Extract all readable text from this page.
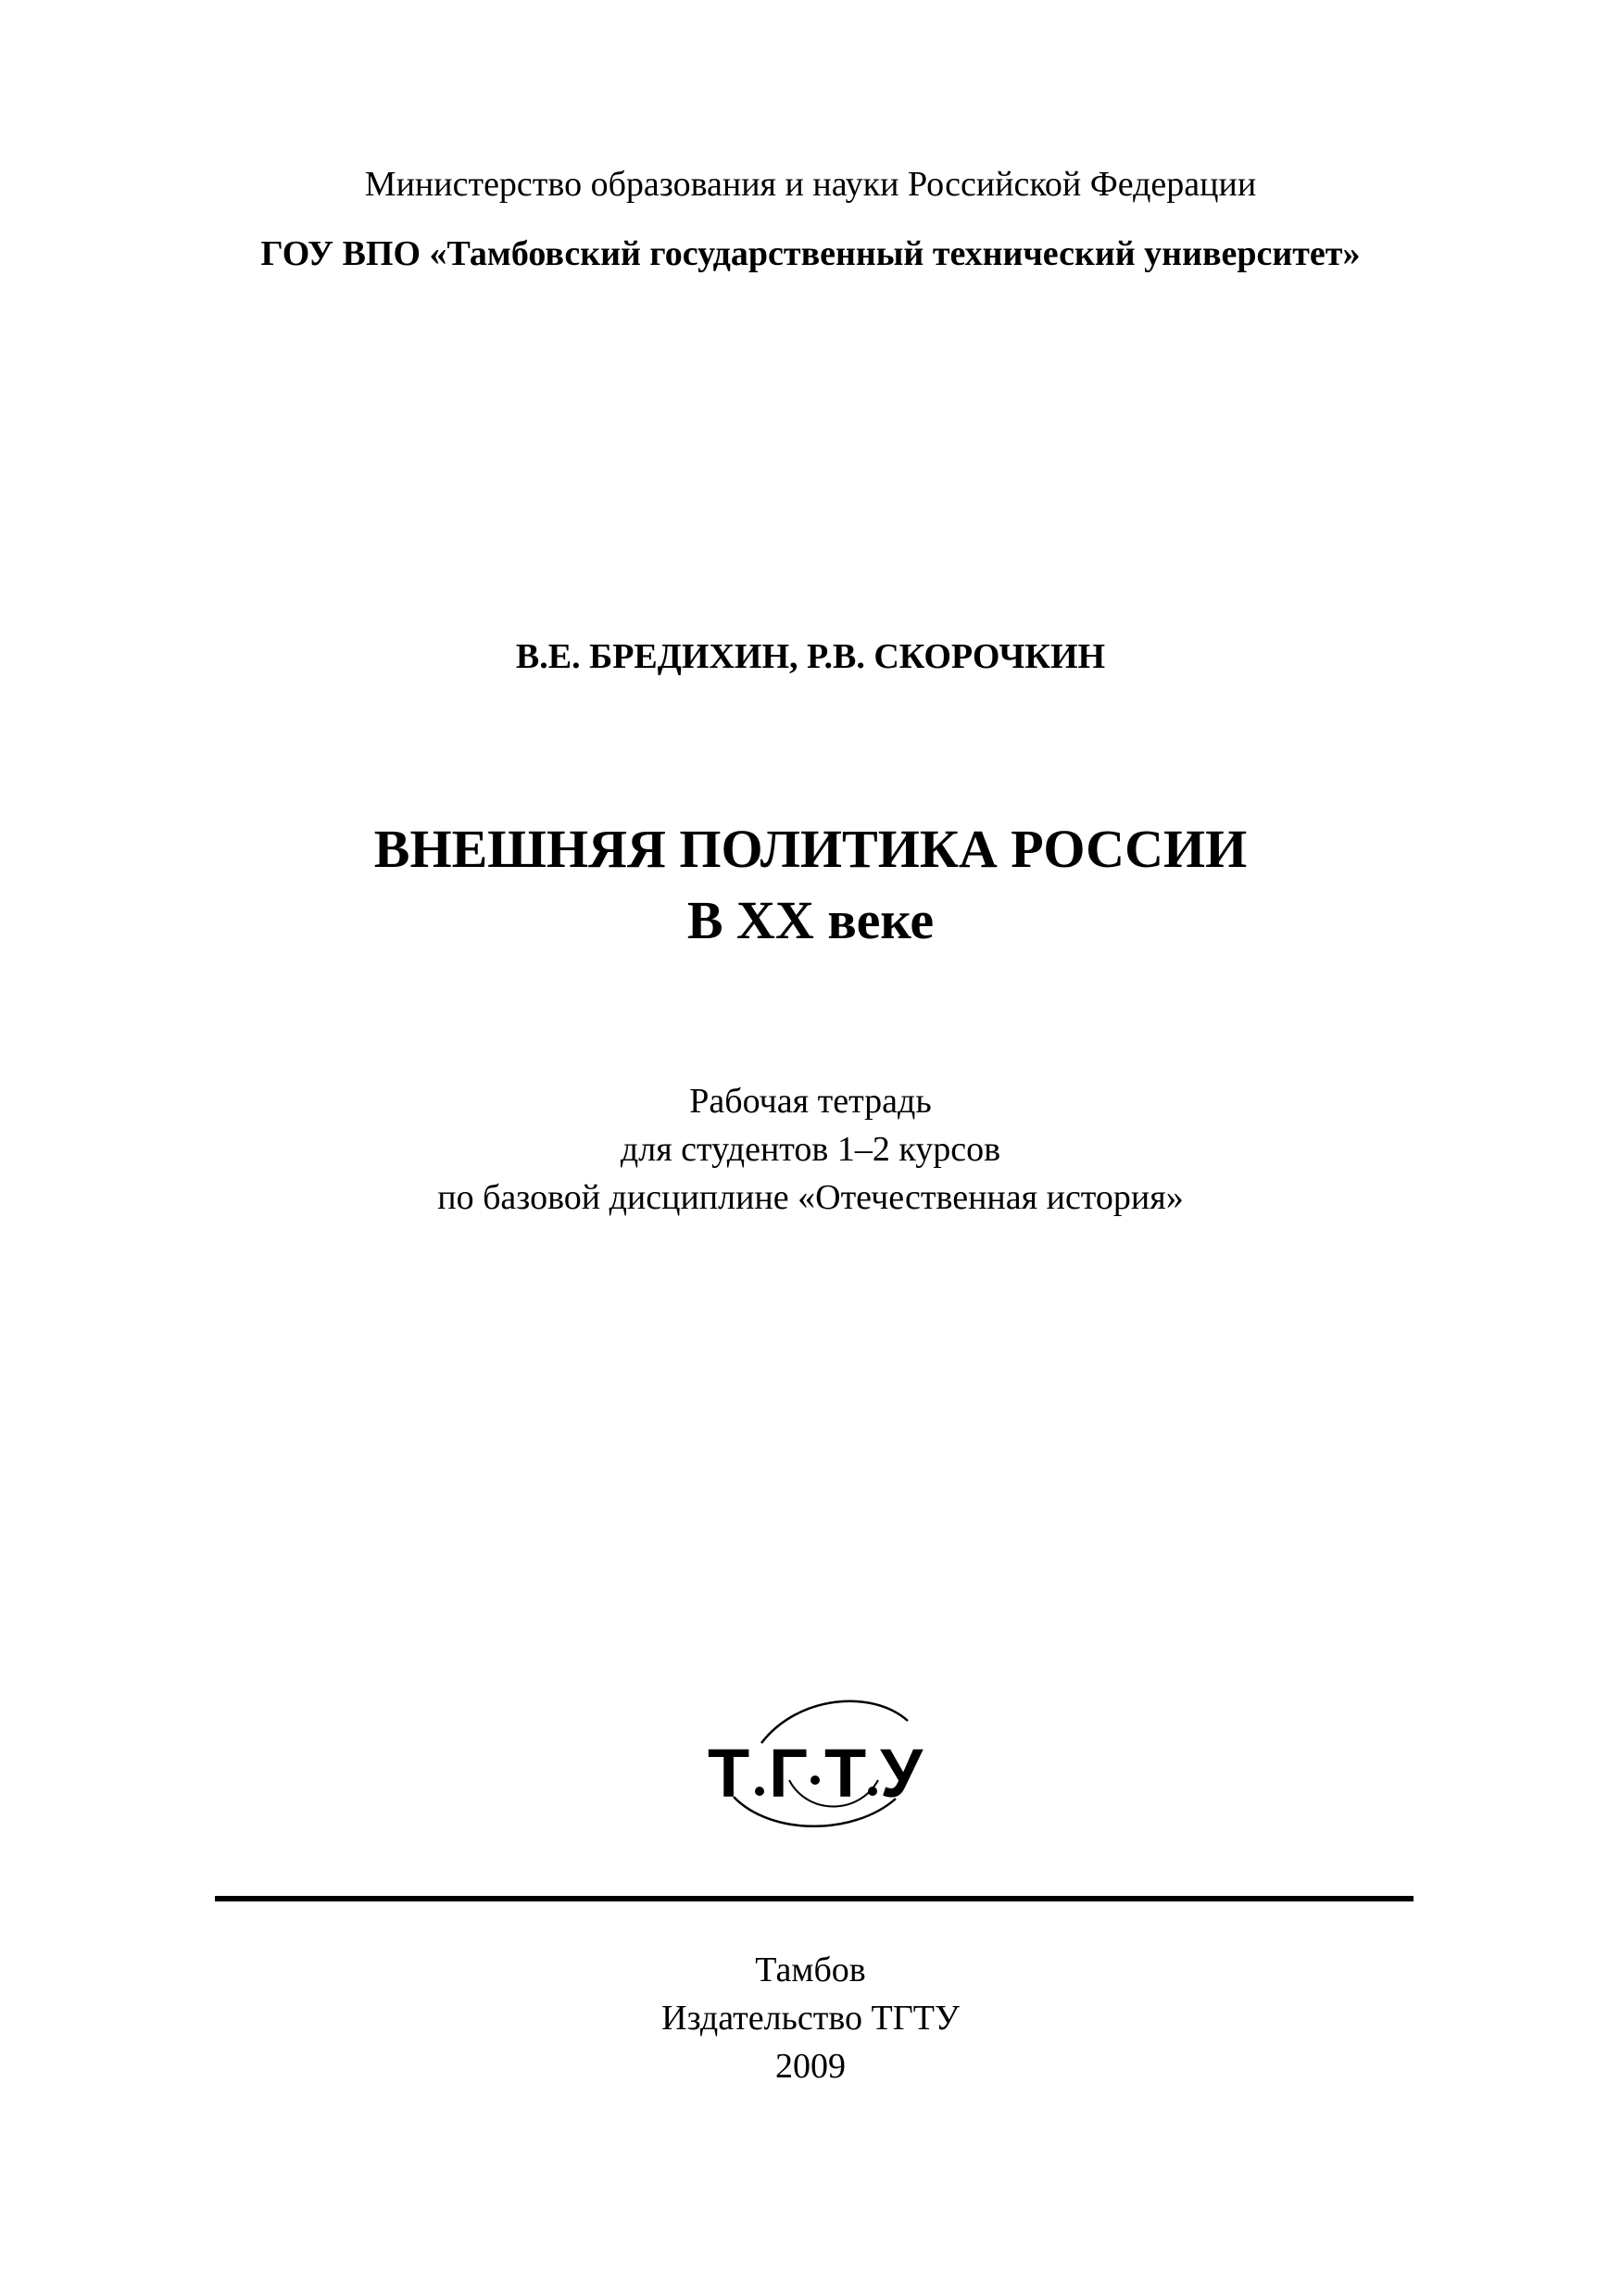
Министерство образования и науки Российской Федерации
ГОУ ВПО «Тамбовский государственный технический университет»
В.Е. БРЕДИХИН, Р.В. СКОРОЧКИН
ВНЕШНЯЯ ПОЛИТИКА РОССИИ
В XX веке
Рабочая тетрадь
для студентов 1–2 курсов
по базовой дисциплине «Отечественная история»
Т Г Т У
Тамбов
Издательство ТГТУ
2009
